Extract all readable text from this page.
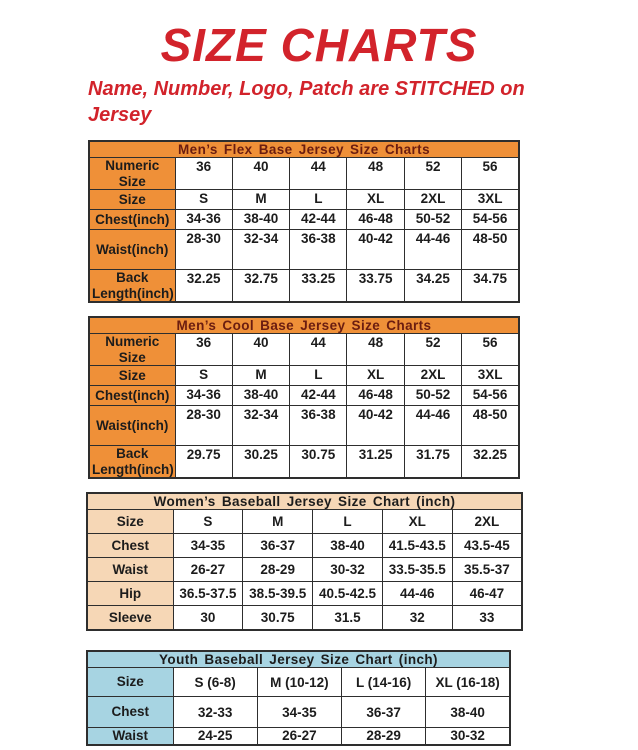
SIZE CHARTS
Name, Number, Logo, Patch are STITCHED on Jersey
Men’s Flex Base Jersey Size Charts						
Numeric Size	36	40	44	48	52	56
Size	S	M	L	XL	2XL	3XL
Chest(inch)	34-36	38-40	42-44	46-48	50-52	54-56
Waist(inch)	28-30	32-34	36-38	40-42	44-46	48-50
Back Length(inch)	32.25	32.75	33.25	33.75	34.25	34.75
Men’s Cool Base Jersey Size Charts						
Numeric Size	36	40	44	48	52	56
Size	S	M	L	XL	2XL	3XL
Chest(inch)	34-36	38-40	42-44	46-48	50-52	54-56
Waist(inch)	28-30	32-34	36-38	40-42	44-46	48-50
Back Length(inch)	29.75	30.25	30.75	31.25	31.75	32.25
Women’s Baseball Jersey Size Chart (inch)					
Size	S	M	L	XL	2XL
Chest	34-35	36-37	38-40	41.5-43.5	43.5-45
Waist	26-27	28-29	30-32	33.5-35.5	35.5-37
Hip	36.5-37.5	38.5-39.5	40.5-42.5	44-46	46-47
Sleeve	30	30.75	31.5	32	33
Youth Baseball Jersey Size Chart (inch)				
Size	S (6-8)	M (10-12)	L (14-16)	XL (16-18)
Chest	32-33	34-35	36-37	38-40
Waist	24-25	26-27	28-29	30-32
